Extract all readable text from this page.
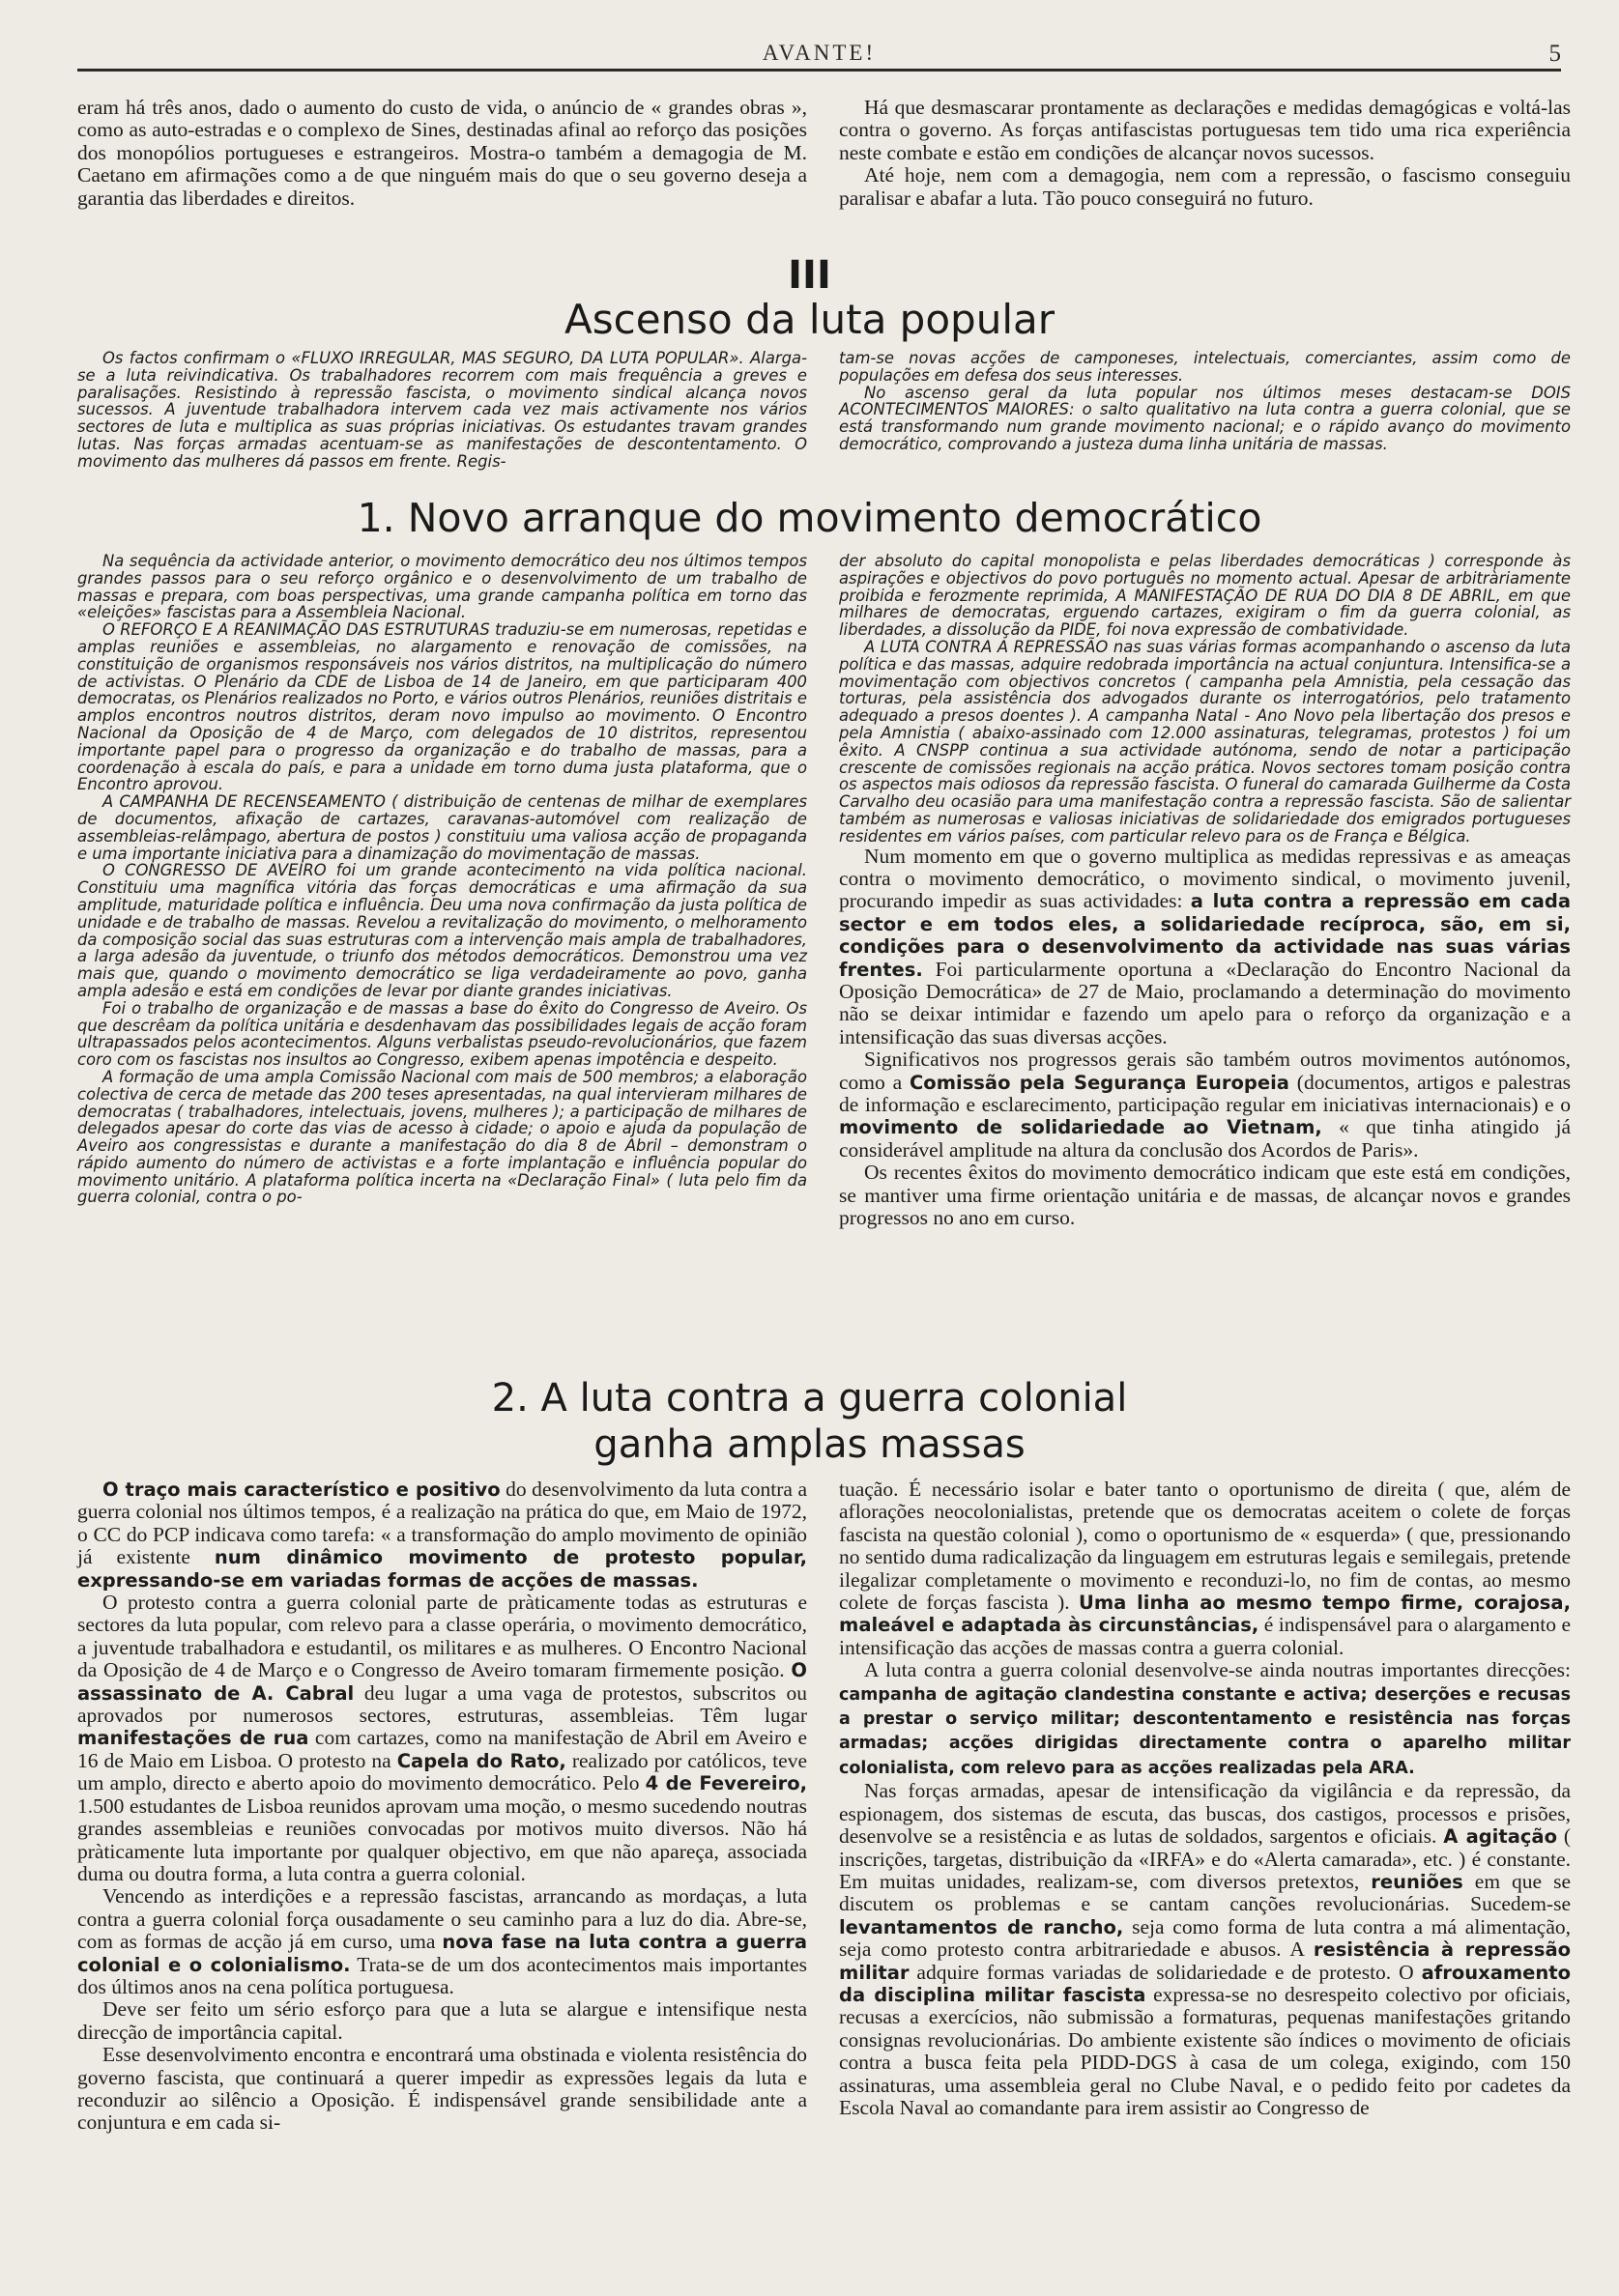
AVANTE!	5

eram há três anos, dado o aumento do custo de vida, o anúncio de « grandes obras », como as auto-estradas e o complexo de Sines, destinadas afinal ao reforço das posições dos monopólios portugueses e estrangeiros. Mostra-o também a demagogia de M. Caetano em afirmações como a de que ninguém mais do que o seu governo deseja a garantia das liberdades e direitos.

Há que desmascarar prontamente as declarações e medidas demagógicas e voltá-las contra o governo. As forças antifascistas portuguesas tem tido uma rica experiência neste combate e estão em condições de alcançar novos sucessos.

Até hoje, nem com a demagogia, nem com a repressão, o fascismo conseguiu paralisar e abafar a luta. Tão pouco conseguirá no futuro.

III
Ascenso da luta popular

Os factos confirmam o «FLUXO IRREGULAR, MAS SEGURO, DA LUTA POPULAR». Alarga-se a luta reivindicativa. Os trabalhadores recorrem com mais frequência a greves e paralisações. Resistindo à repressão fascista, o movimento sindical alcança novos sucessos. A juventude trabalhadora intervem cada vez mais activamente nos vários sectores de luta e multiplica as suas próprias iniciativas. Os estudantes travam grandes lutas. Nas forças armadas acentuam-se as manifestações de descontentamento. O movimento das mulheres dá passos em frente. Regis-

tam-se novas acções de camponeses, intelectuais, comerciantes, assim como de populações em defesa dos seus interesses.

No ascenso geral da luta popular nos últimos meses destacam-se DOIS ACONTECIMENTOS MAIORES: o salto qualitativo na luta contra a guerra colonial, que se está transformando num grande movimento nacional; e o rápido avanço do movimento democrático, comprovando a justeza duma linha unitária de massas.

1. Novo arranque do movimento democrático

Na sequência da actividade anterior, o movimento democrático deu nos últimos tempos grandes passos para o seu reforço orgânico e o desenvolvimento de um trabalho de massas e prepara, com boas perspectivas, uma grande campanha política em torno das «eleições» fascistas para a Assembleia Nacional.

O REFORÇO E A REANIMAÇÃO DAS ESTRUTURAS traduziu-se em numerosas, repetidas e amplas reuniões e assembleias, no alargamento e renovação de comissões, na constituição de organismos responsáveis nos vários distritos, na multiplicação do número de activistas. O Plenário da CDE de Lisboa de 14 de Janeiro, em que participaram 400 democratas, os Plenários realizados no Porto, e vários outros Plenários, reuniões distritais e amplos encontros noutros distritos, deram novo impulso ao movimento. O Encontro Nacional da Oposição de 4 de Março, com delegados de 10 distritos, representou importante papel para o progresso da organização e do trabalho de massas, para a coordenação à escala do país, e para a unidade em torno duma justa plataforma, que o Encontro aprovou.

A CAMPANHA DE RECENSEAMENTO ( distribuição de centenas de milhar de exemplares de documentos, afixação de cartazes, caravanas-automóvel com realização de assembleias-relâmpago, abertura de postos ) constituiu uma valiosa acção de propaganda e uma importante iniciativa para a dinamização do movimentação de massas.

O CONGRESSO DE AVEIRO foi um grande acontecimento na vida política nacional. Constituiu uma magnífica vitória das forças democráticas e uma afirmação da sua amplitude, maturidade política e influência. Deu uma nova confirmação da justa política de unidade e de trabalho de massas. Revelou a revitalização do movimento, o melhoramento da composição social das suas estruturas com a intervenção mais ampla de trabalhadores, a larga adesão da juventude, o triunfo dos métodos democráticos. Demonstrou uma vez mais que, quando o movimento democrático se liga verdadeiramente ao povo, ganha ampla adesão e está em condições de levar por diante grandes iniciativas.

Foi o trabalho de organização e de massas a base do êxito do Congresso de Aveiro. Os que descrêam da política unitária e desdenhavam das possibilidades legais de acção foram ultrapassados pelos acontecimentos. Alguns verbalistas pseudo-revolucionários, que fazem coro com os fascistas nos insultos ao Congresso, exibem apenas impotência e despeito.

A formação de uma ampla Comissão Nacional com mais de 500 membros; a elaboração colectiva de cerca de metade das 200 teses apresentadas, na qual intervieram milhares de democratas ( trabalhadores, intelectuais, jovens, mulheres ); a participação de milhares de delegados apesar do corte das vias de acesso à cidade; o apoio e ajuda da população de Aveiro aos congressistas e durante a manifestação do dia 8 de Abril – demonstram o rápido aumento do número de activistas e a forte implantação e influência popular do movimento unitário. A plataforma política incerta na «Declaração Final» ( luta pelo fim da guerra colonial, contra o po-

der absoluto do capital monopolista e pelas liberdades democráticas ) corresponde às aspirações e objectivos do povo português no momento actual. Apesar de arbitràriamente proibida e ferozmente reprimida, A MANIFESTAÇÃO DE RUA DO DIA 8 DE ABRIL, em que milhares de democratas, erguendo cartazes, exigiram o fim da guerra colonial, as liberdades, a dissolução da PIDE, foi nova expressão de combatividade.

A LUTA CONTRA A REPRESSÃO nas suas várias formas acompanhando o ascenso da luta política e das massas, adquire redobrada importância na actual conjuntura. Intensifica-se a movimentação com objectivos concretos ( campanha pela Amnistia, pela cessação das torturas, pela assistência dos advogados durante os interrogatórios, pelo tratamento adequado a presos doentes ). A campanha Natal - Ano Novo pela libertação dos presos e pela Amnistia ( abaixo-assinado com 12.000 assinaturas, telegramas, protestos ) foi um êxito. A CNSPP continua a sua actividade autónoma, sendo de notar a participação crescente de comissões regionais na acção prática. Novos sectores tomam posição contra os aspectos mais odiosos da repressão fascista. O funeral do camarada Guilherme da Costa Carvalho deu ocasião para uma manifestação contra a repressão fascista. São de salientar também as numerosas e valiosas iniciativas de solidariedade dos emigrados portugueses residentes em vários países, com particular relevo para os de França e Bélgica.

Num momento em que o governo multiplica as medidas repressivas e as ameaças contra o movimento democrático, o movimento sindical, o movimento juvenil, procurando impedir as suas actividades: a luta contra a repressão em cada sector e em todos eles, a solidariedade recíproca, são, em si, condições para o desenvolvimento da actividade nas suas várias frentes. Foi particularmente oportuna a «Declaração do Encontro Nacional da Oposição Democrática» de 27 de Maio, proclamando a determinação do movimento não se deixar intimidar e fazendo um apelo para o reforço da organização e a intensificação das suas diversas acções.

Significativos nos progressos gerais são também outros movimentos autónomos, como a Comissão pela Segurança Europeia (documentos, artigos e palestras de informação e esclarecimento, participação regular em iniciativas internacionais) e o movimento de solidariedade ao Vietnam, « que tinha atingido já considerável amplitude na altura da conclusão dos Acordos de Paris».

Os recentes êxitos do movimento democrático indicam que este está em condições, se mantiver uma firme orientação unitária e de massas, de alcançar novos e grandes progressos no ano em curso.

2. A luta contra a guerra colonial
ganha amplas massas

O traço mais característico e positivo do desenvolvimento da luta contra a guerra colonial nos últimos tempos, é a realização na prática do que, em Maio de 1972, o CC do PCP indicava como tarefa: « a transformação do amplo movimento de opinião já existente num dinâmico movimento de protesto popular, expressando-se em variadas formas de acções de massas.

O protesto contra a guerra colonial parte de pràticamente todas as estruturas e sectores da luta popular, com relevo para a classe operária, o movimento democrático, a juventude trabalhadora e estudantil, os militares e as mulheres. O Encontro Nacional da Oposição de 4 de Março e o Congresso de Aveiro tomaram firmemente posição. O assassinato de A. Cabral deu lugar a uma vaga de protestos, subscritos ou aprovados por numerosos sectores, estruturas, assembleias. Têm lugar manifestações de rua com cartazes, como na manifestação de Abril em Aveiro e 16 de Maio em Lisboa. O protesto na Capela do Rato, realizado por católicos, teve um amplo, directo e aberto apoio do movimento democrático. Pelo 4 de Fevereiro, 1.500 estudantes de Lisboa reunidos aprovam uma moção, o mesmo sucedendo noutras grandes assembleias e reuniões convocadas por motivos muito diversos. Não há pràticamente luta importante por qualquer objectivo, em que não apareça, associada duma ou doutra forma, a luta contra a guerra colonial.

Vencendo as interdições e a repressão fascistas, arrancando as mordaças, a luta contra a guerra colonial força ousadamente o seu caminho para a luz do dia. Abre-se, com as formas de acção já em curso, uma nova fase na luta contra a guerra colonial e o colonialismo. Trata-se de um dos acontecimentos mais importantes dos últimos anos na cena política portuguesa.

Deve ser feito um sério esforço para que a luta se alargue e intensifique nesta direcção de importância capital.

Esse desenvolvimento encontra e encontrará uma obstinada e violenta resistência do governo fascista, que continuará a querer impedir as expressões legais da luta e reconduzir ao silêncio a Oposição. É indispensável grande sensibilidade ante a conjuntura e em cada si-

tuação. É necessário isolar e bater tanto o oportunismo de direita ( que, além de aflorações neocolonialistas, pretende que os democratas aceitem o colete de forças fascista na questão colonial ), como o oportunismo de « esquerda» ( que, pressionando no sentido duma radicalização da linguagem em estruturas legais e semilegais, pretende ilegalizar completamente o movimento e reconduzi-lo, no fim de contas, ao mesmo colete de forças fascista ). Uma linha ao mesmo tempo firme, corajosa, maleável e adaptada às circunstâncias, é indispensável para o alargamento e intensificação das acções de massas contra a guerra colonial.

A luta contra a guerra colonial desenvolve-se ainda noutras importantes direcções: campanha de agitação clandestina constante e activa; deserções e recusas a prestar o serviço militar; descontentamento e resistência nas forças armadas; acções dirigidas directamente contra o aparelho militar colonialista, com relevo para as acções realizadas pela ARA.

Nas forças armadas, apesar de intensificação da vigilância e da repressão, da espionagem, dos sistemas de escuta, das buscas, dos castigos, processos e prisões, desenvolve se a resistência e as lutas de soldados, sargentos e oficiais. A agitação ( inscrições, targetas, distribuição da «IRFA» e do «Alerta camarada», etc. ) é constante. Em muitas unidades, realizam-se, com diversos pretextos, reuniões em que se discutem os problemas e se cantam canções revolucionárias. Sucedem-se levantamentos de rancho, seja como forma de luta contra a má alimentação, seja como protesto contra arbitrariedade e abusos. A resistência à repressão militar adquire formas variadas de solidariedade e de protesto. O afrouxamento da disciplina militar fascista expressa-se no desrespeito colectivo por oficiais, recusas a exercícios, não submissão a formaturas, pequenas manifestações gritando consignas revolucionárias. Do ambiente existente são índices o movimento de oficiais contra a busca feita pela PIDD-DGS à casa de um colega, exigindo, com 150 assinaturas, uma assembleia geral no Clube Naval, e o pedido feito por cadetes da Escola Naval ao comandante para irem assistir ao Congresso de
